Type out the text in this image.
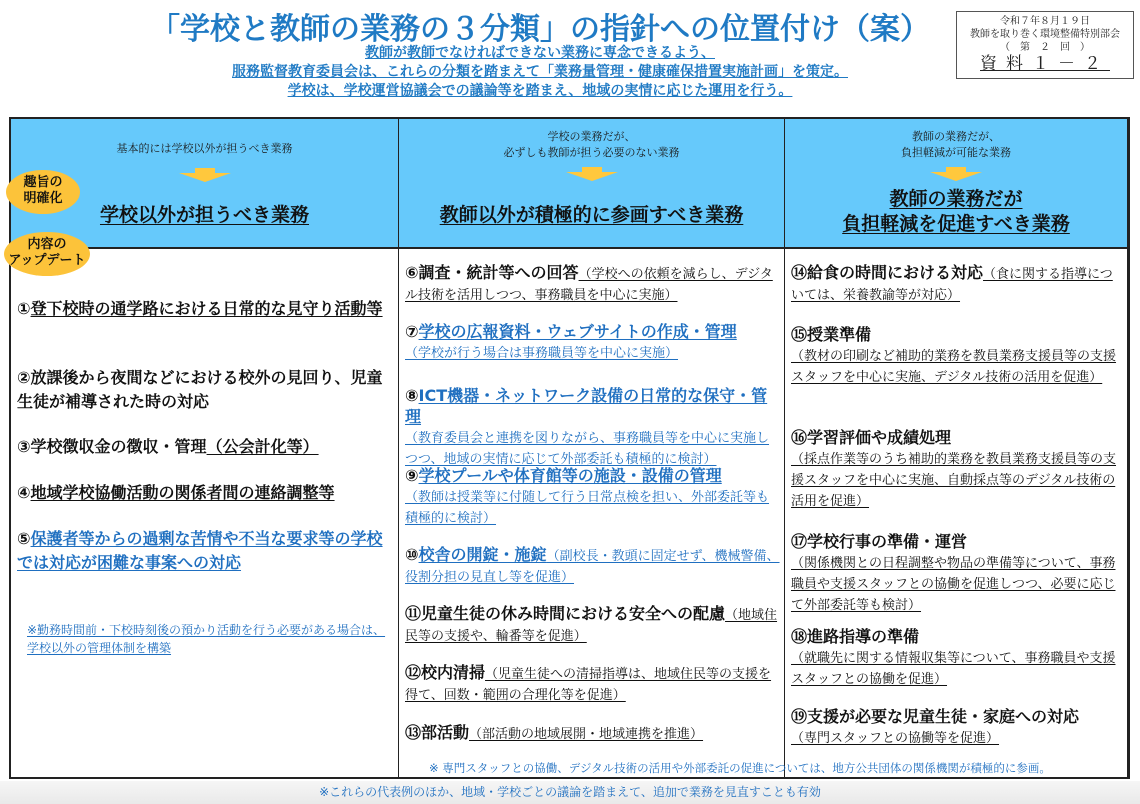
「学校と教師の業務の３分類」の指針への位置付け（案）	令和７年８月１９日
教師を取り巻く環境整備特別部会
（　第　２　回　）
資料１－２
教師が教師でなければできない業務に専念できるよう、
服務監督教育委員会は、これらの分類を踏まえて「業務量管理・健康確保措置実施計画」を策定。
学校は、学校運営協議会での議論等を踏まえ、地域の実情に応じた運用を行う。
基本的には学校以外が担うべき業務
学校以外が担うべき業務
①登下校時の通学路における日常的な見守り活動等
②放課後から夜間などにおける校外の見回り、児童生徒が補導された時の対応
③学校徴収金の徴収・管理（公会計化等）
④地域学校協働活動の関係者間の連絡調整等
⑤保護者等からの過剰な苦情や不当な要求等の学校では対応が困難な事案への対応
※勤務時間前・下校時刻後の預かり活動を行う必要がある場合は、学校以外の管理体制を構築
学校の業務だが、
必ずしも教師が担う必要のない業務
教師以外が積極的に参画すべき業務
⑥調査・統計等への回答（学校への依頼を減らし、デジタル技術を活用しつつ、事務職員を中心に実施）
⑦学校の広報資料・ウェブサイトの作成・管理
（学校が行う場合は事務職員等を中心に実施）
⑧ICT機器・ネットワーク設備の日常的な保守・管理
（教育委員会と連携を図りながら、事務職員等を中心に実施しつつ、地域の実情に応じて外部委託も積極的に検討）
⑨学校プールや体育館等の施設・設備の管理
（教師は授業等に付随して行う日常点検を担い、外部委託等も積極的に検討）
⑩校舎の開錠・施錠（副校長・教頭に固定せず、機械警備、役割分担の見直し等を促進）
⑪児童生徒の休み時間における安全への配慮（地域住民等の支援や、輪番等を促進）
⑫校内清掃（児童生徒への清掃指導は、地域住民等の支援を得て、回数・範囲の合理化等を促進）
⑬部活動（部活動の地域展開・地域連携を推進）
教師の業務だが、
負担軽減が可能な業務
教師の業務だが
負担軽減を促進すべき業務
⑭給食の時間における対応（食に関する指導については、栄養教諭等が対応）
⑮授業準備
（教材の印刷など補助的業務を教員業務支援員等の支援スタッフを中心に実施、デジタル技術の活用を促進）
⑯学習評価や成績処理
（採点作業等のうち補助的業務を教員業務支援員等の支援スタッフを中心に実施、自動採点等のデジタル技術の活用を促進）
⑰学校行事の準備・運営
（関係機関との日程調整や物品の準備等について、事務職員や支援スタッフとの協働を促進しつつ、必要に応じて外部委託等も検討）
⑱進路指導の準備
（就職先に関する情報収集等について、事務職員や支援スタッフとの協働を促進）
⑲支援が必要な児童生徒・家庭への対応
（専門スタッフとの協働等を促進）
※ 専門スタッフとの協働、デジタル技術の活用や外部委託の促進については、地方公共団体の関係機関が積極的に参画。
趣旨の
明確化
内容の
アップデート
※これらの代表例のほか、地域・学校ごとの議論を踏まえて、追加で業務を見直すことも有効
